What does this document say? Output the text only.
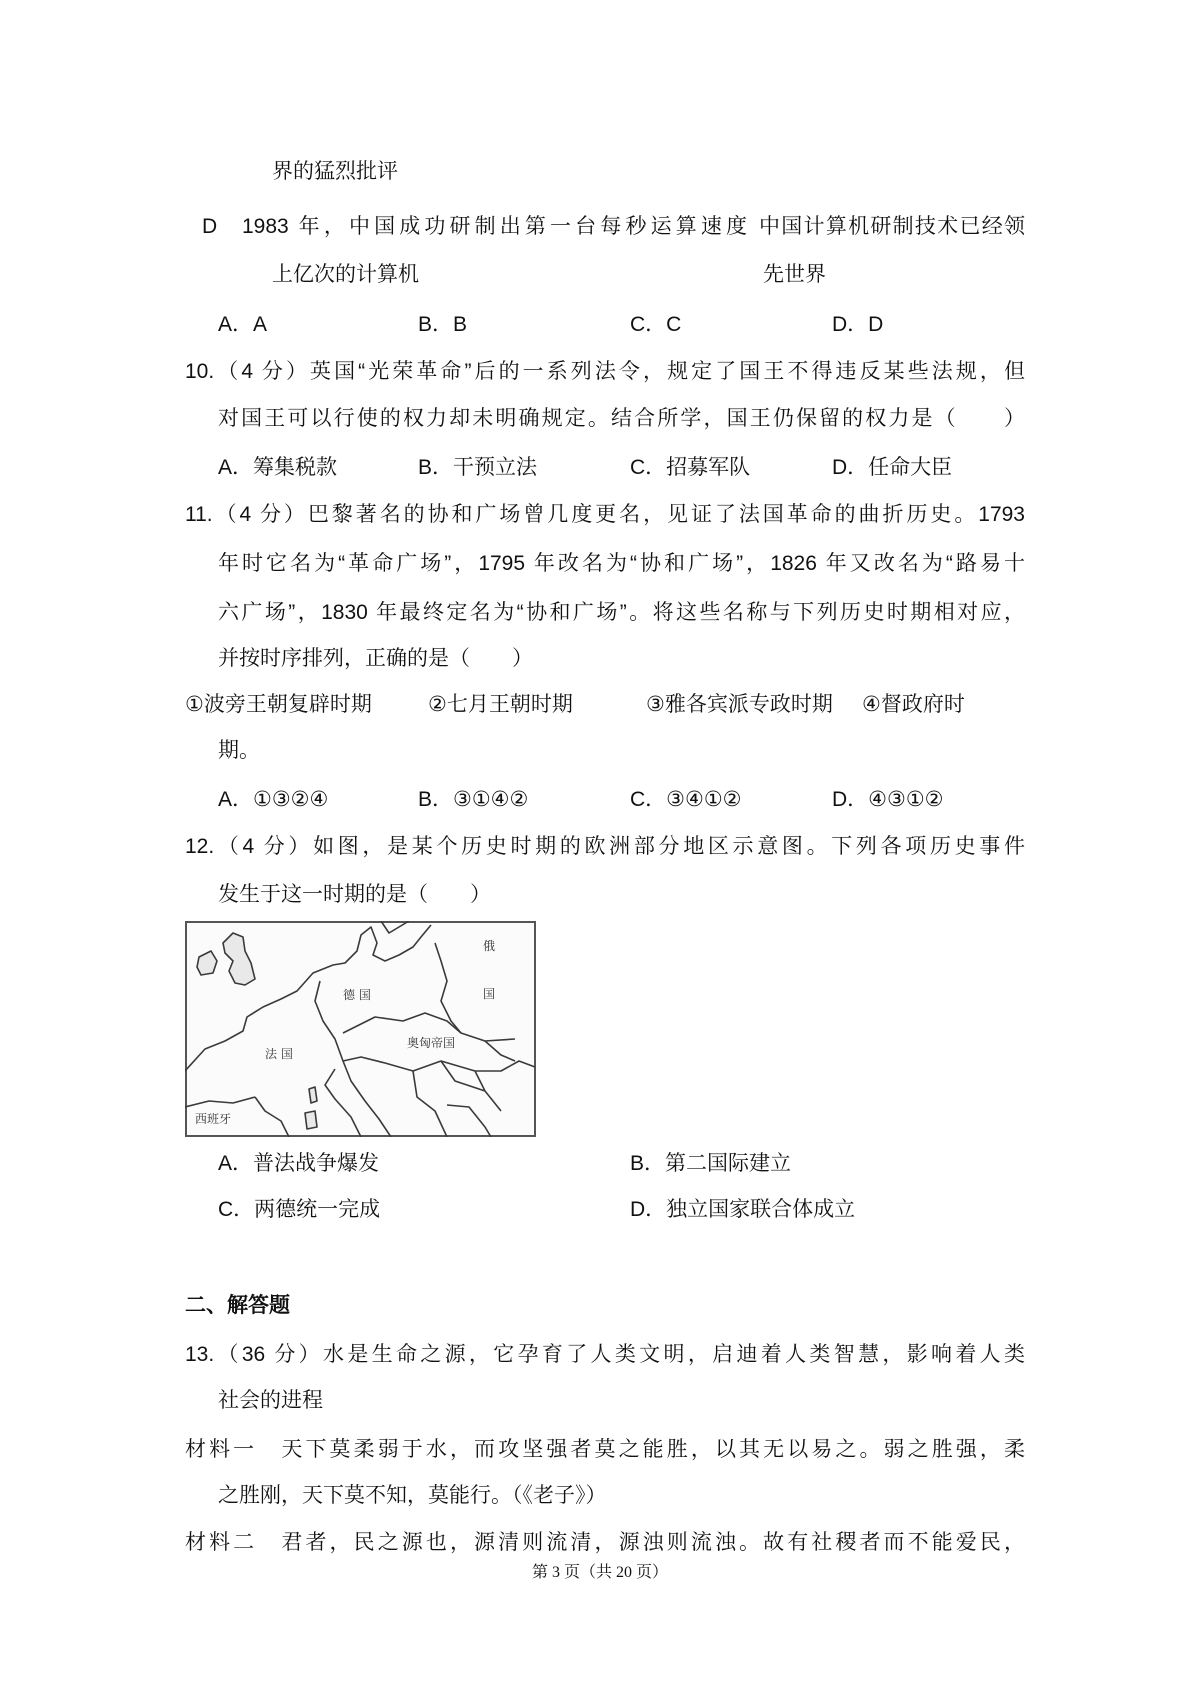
界的猛烈批评
D 1983 年，中国成功研制出第一台每秒运算速度 中国计算机研制技术已经领
上亿次的计算机	先世界
A．A	B．B	C．C	D．D
10.（4 分）英国“光荣革命”后的一系列法令，规定了国王不得违反某些法规，但
对国王可以行使的权力却未明确规定。结合所学，国王仍保留的权力是（　　）
A．筹集税款	B．干预立法	C．招募军队	D．任命大臣
11.（4 分）巴黎著名的协和广场曾几度更名，见证了法国革命的曲折历史。1793
年时它名为“革命广场”，1795 年改名为“协和广场”，1826 年又改名为“路易十
六广场”，1830 年最终定名为“协和广场”。将这些名称与下列历史时期相对应，
并按时序排列，正确的是（　　）
①波旁王朝复辟时期	②七月王朝时期	③雅各宾派专政时期 ④督政府时
期。
A．①③②④	B．③①④②	C．③④①②	D．④③①②
12.（4 分）如图，是某个历史时期的欧洲部分地区示意图。下列各项历史事件
发生于这一时期的是（　　）
俄
国
德 国
法 国
奥匈帝国
西班牙
A．普法战争爆发	B．第二国际建立
C．两德统一完成	D．独立国家联合体成立
二、解答题
13.（36 分）水是生命之源，它孕育了人类文明，启迪着人类智慧，影响着人类
社会的进程
材料一　天下莫柔弱于水，而攻坚强者莫之能胜，以其无以易之。弱之胜强，柔
之胜刚，天下莫不知，莫能行。（《老子》）
材料二　君者，民之源也，源清则流清，源浊则流浊。故有社稷者而不能爱民，
第 3 页（共 20 页）
